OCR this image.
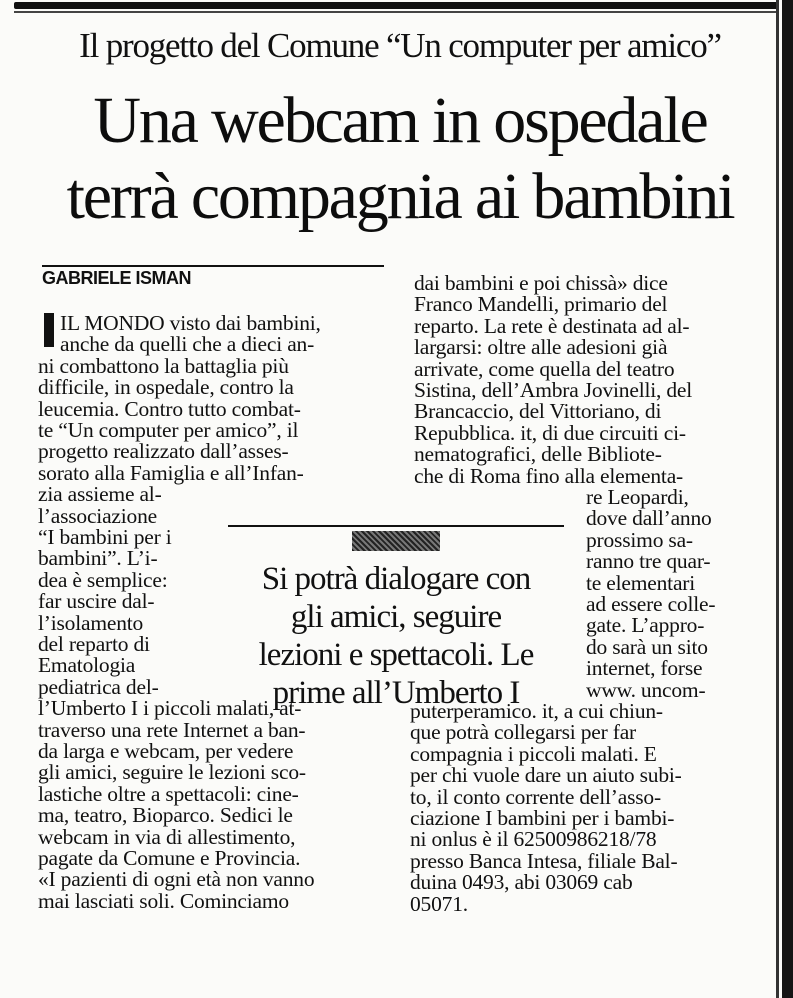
Il progetto del Comune “Un computer per amico”
Una webcam in ospedale
terrà compagnia ai bambini
GABRIELE ISMAN
IL MONDO visto dai bambini,
anche da quelli che a dieci an-
ni combattono la battaglia più
difficile, in ospedale, contro la
leucemia. Contro tutto combat-
te “Un computer per amico”, il
progetto realizzato dall’asses-
sorato alla Famiglia e all’Infan-
zia assieme al-
l’associazione
“I bambini per i
bambini”. L’i-
dea è semplice:
far uscire dal-
l’isolamento
del reparto di
Ematologia
pediatrica del-
l’Umberto I i piccoli malati, at-
traverso una rete Internet a ban-
da larga e webcam, per vedere
gli amici, seguire le lezioni sco-
lastiche oltre a spettacoli: cine-
ma, teatro, Bioparco. Sedici le
webcam in via di allestimento,
pagate da Comune e Provincia.
«I pazienti di ogni età non vanno
mai lasciati soli. Cominciamo
dai bambini e poi chissà» dice
Franco Mandelli, primario del
reparto. La rete è destinata ad al-
largarsi: oltre alle adesioni già
arrivate, come quella del teatro
Sistina, dell’Ambra Jovinelli, del
Brancaccio, del Vittoriano, di
Repubblica. it, di due circuiti ci-
nematografici, delle Bibliote-
che di Roma fino alla elementa-
re Leopardi,
dove dall’anno
prossimo sa-
ranno tre quar-
te elementari
ad essere colle-
gate. L’appro-
do sarà un sito
internet, forse
www. uncom-
puterperamico. it, a cui chiun-
que potrà collegarsi per far
compagnia i piccoli malati. E
per chi vuole dare un aiuto subi-
to, il conto corrente dell’asso-
ciazione I bambini per i bambi-
ni onlus è il 62500986218/78
presso Banca Intesa, filiale Bal-
duina 0493, abi 03069 cab
05071.
Si potrà dialogare con
gli amici, seguire
lezioni e spettacoli. Le
prime all’Umberto I
